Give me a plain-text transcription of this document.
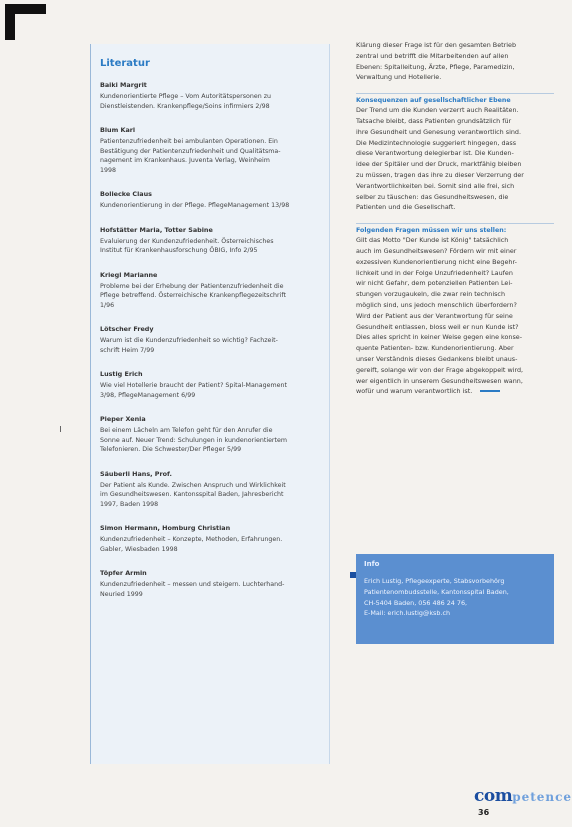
Literatur
Baiki Margrit
Kundenorientierte Pflege – Vom Autoritätspersonen zu
Dienstleistenden. Krankenpflege/Soins infirmiers 2/98
Blum Karl
Patientenzufriedenheit bei ambulanten Operationen. Ein
Bestätigung der Patientenzufriedenheit und Qualitätsma-
nagement im Krankenhaus. Juventa Verlag, Weinheim
1998
Boliecke Claus
Kundenorientierung in der Pflege. PflegeManagement 13/98
Hofstätter Maria, Totter Sabine
Evaluierung der Kundenzufriedenheit. Österreichisches
Institut für Krankenhausforschung ÖBIG, Info 2/95
Kriegl Marianne
Probleme bei der Erhebung der Patientenzufriedenheit die
Pflege betreffend. Österreichische Krankenpflegezeitschrift
1/96
Lötscher Fredy
Warum ist die Kundenzufriedenheit so wichtig? Fachzeit-
schrift Heim 7/99
Lustig Erich
Wie viel Hotellerie braucht der Patient? Spital-Management
3/98, PflegeManagement 6/99
Pieper Xenia
Bei einem Lächeln am Telefon geht für den Anrufer die
Sonne auf. Neuer Trend: Schulungen in kundenorientiertem
Telefonieren. Die Schwester/Der Pfleger 5/99
Säuberli Hans, Prof.
Der Patient als Kunde. Zwischen Anspruch und Wirklichkeit
im Gesundheitswesen. Kantonsspital Baden, Jahresbericht
1997, Baden 1998
Simon Hermann, Homburg Christian
Kundenzufriedenheit – Konzepte, Methoden, Erfahrungen.
Gabler, Wiesbaden 1998
Töpfer Armin
Kundenzufriedenheit – messen und steigern. Luchterhand-
Neuried 1999
Klärung dieser Frage ist für den gesamten Betrieb
zentral und betrifft die Mitarbeitenden auf allen
Ebenen: Spitalleitung, Ärzte, Pflege, Paramedizin,
Verwaltung und Hotellerie.
Konsequenzen auf gesellschaftlicher Ebene
Der Trend um die Kunden verzerrt auch Realitäten.
Tatsache bleibt, dass Patienten grundsätzlich für
ihre Gesundheit und Genesung verantwortlich sind.
Die Medizintechnologie suggeriert hingegen, dass
diese Verantwortung delegierbar ist. Die Kunden-
idee der Spitäler und der Druck, marktfähig bleiben
zu müssen, tragen das ihre zu dieser Verzerrung der
Verantwortlichkeiten bei. Somit sind alle frei, sich
selber zu täuschen: das Gesundheitswesen, die
Patienten und die Gesellschaft.
Folgenden Fragen müssen wir uns stellen:
Gilt das Motto "Der Kunde ist König" tatsächlich
auch im Gesundheitswesen? Fördern wir mit einer
exzessiven Kundenorientierung nicht eine Begehr-
lichkeit und in der Folge Unzufriedenheit? Laufen
wir nicht Gefahr, dem potenziellen Patienten Lei-
stungen vorzugaukeln, die zwar rein technisch
möglich sind, uns jedoch menschlich überfordern?
Wird der Patient aus der Verantwortung für seine
Gesundheit entlassen, bloss weil er nun Kunde ist?
Dies alles spricht in keiner Weise gegen eine konse-
quente Patienten- bzw. Kundenorientierung. Aber
unser Verständnis dieses Gedankens bleibt unaus-
gereift, solange wir von der Frage abgekoppelt wird,
wer eigentlich in unserem Gesundheitswesen wann,
wofür und warum verantwortlich ist.
Info
Erich Lustig, Pflegeexperte, Stabsvorbehörg
Patientenombudsstelle, Kantonsspital Baden,
CH-5404 Baden, 056 486 24 76,
E-Mail: erich.lustig@ksb.ch
competence
36
